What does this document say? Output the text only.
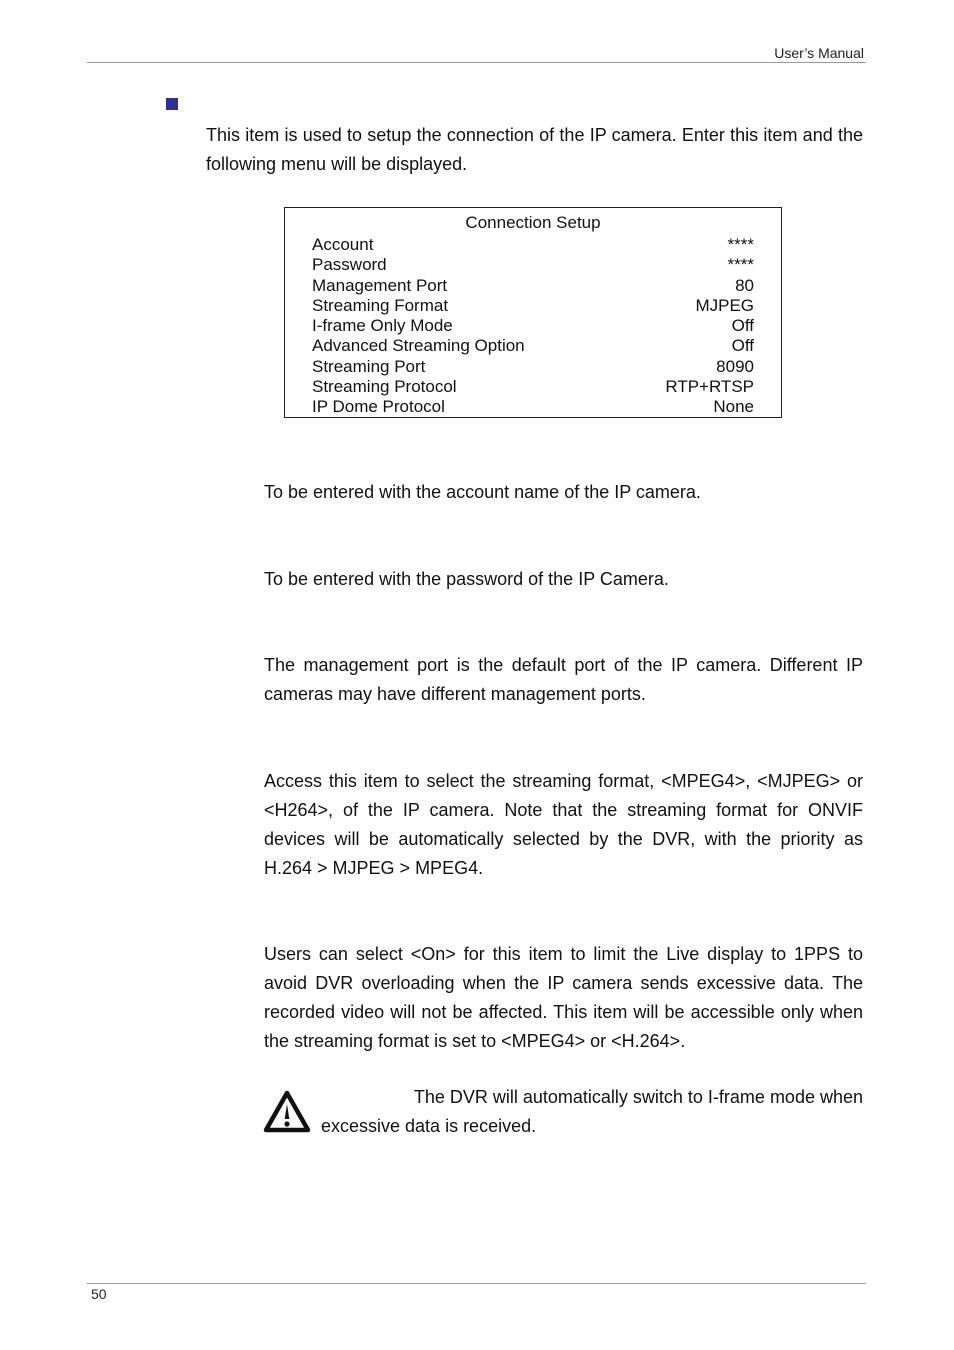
User’s Manual

This item is used to setup the connection of the IP camera. Enter this item and the following menu will be displayed.

Connection Setup
Account	****
Password	****
Management Port	80
Streaming Format	MJPEG
I-frame Only Mode	Off
Advanced Streaming Option	Off
Streaming Port	8090
Streaming Protocol	RTP+RTSP
IP Dome Protocol	None

To be entered with the account name of the IP camera.

To be entered with the password of the IP Camera.

The management port is the default port of the IP camera. Different IP cameras may have different management ports.

Access this item to select the streaming format, <MPEG4>, <MJPEG> or <H264>, of the IP camera. Note that the streaming format for ONVIF devices will be automatically selected by the DVR, with the priority as H.264 > MJPEG > MPEG4.

Users can select <On> for this item to limit the Live display to 1PPS to avoid DVR overloading when the IP camera sends excessive data. The recorded video will not be affected. This item will be accessible only when the streaming format is set to <MPEG4> or <H.264>.

The DVR will automatically switch to I-frame mode when

excessive data is received.

50
